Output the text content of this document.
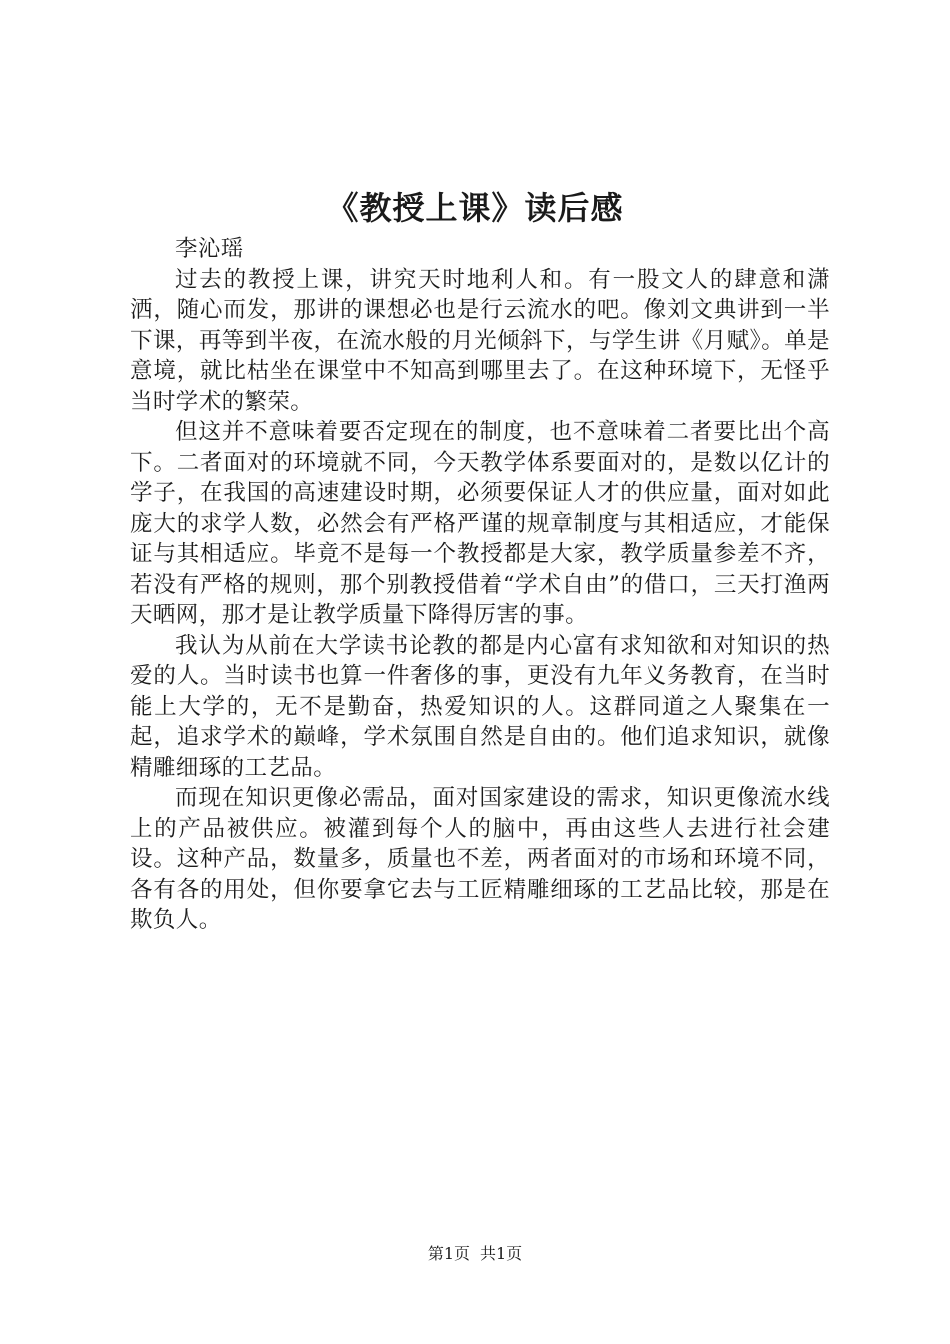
《教授上课》读后感

李沁瑶

过去的教授上课，讲究天时地利人和。有一股文人的肆意和潇洒，随心而发，那讲的课想必也是行云流水的吧。像刘文典讲到一半下课，再等到半夜，在流水般的月光倾斜下，与学生讲《月赋》。单是意境，就比枯坐在课堂中不知高到哪里去了。在这种环境下，无怪乎当时学术的繁荣。

但这并不意味着要否定现在的制度，也不意味着二者要比出个高下。二者面对的环境就不同，今天教学体系要面对的，是数以亿计的学子，在我国的高速建设时期，必须要保证人才的供应量，面对如此庞大的求学人数，必然会有严格严谨的规章制度与其相适应，才能保证与其相适应。毕竟不是每一个教授都是大家，教学质量参差不齐，若没有严格的规则，那个别教授借着“学术自由”的借口，三天打渔两天晒网，那才是让教学质量下降得厉害的事。

我认为从前在大学读书论教的都是内心富有求知欲和对知识的热爱的人。当时读书也算一件奢侈的事，更没有九年义务教育，在当时能上大学的，无不是勤奋，热爱知识的人。这群同道之人聚集在一起，追求学术的巅峰，学术氛围自然是自由的。他们追求知识，就像精雕细琢的工艺品。

而现在知识更像必需品，面对国家建设的需求，知识更像流水线上的产品被供应。被灌到每个人的脑中，再由这些人去进行社会建设。这种产品，数量多，质量也不差，两者面对的市场和环境不同，各有各的用处，但你要拿它去与工匠精雕细琢的工艺品比较，那是在欺负人。

第1页 共1页
